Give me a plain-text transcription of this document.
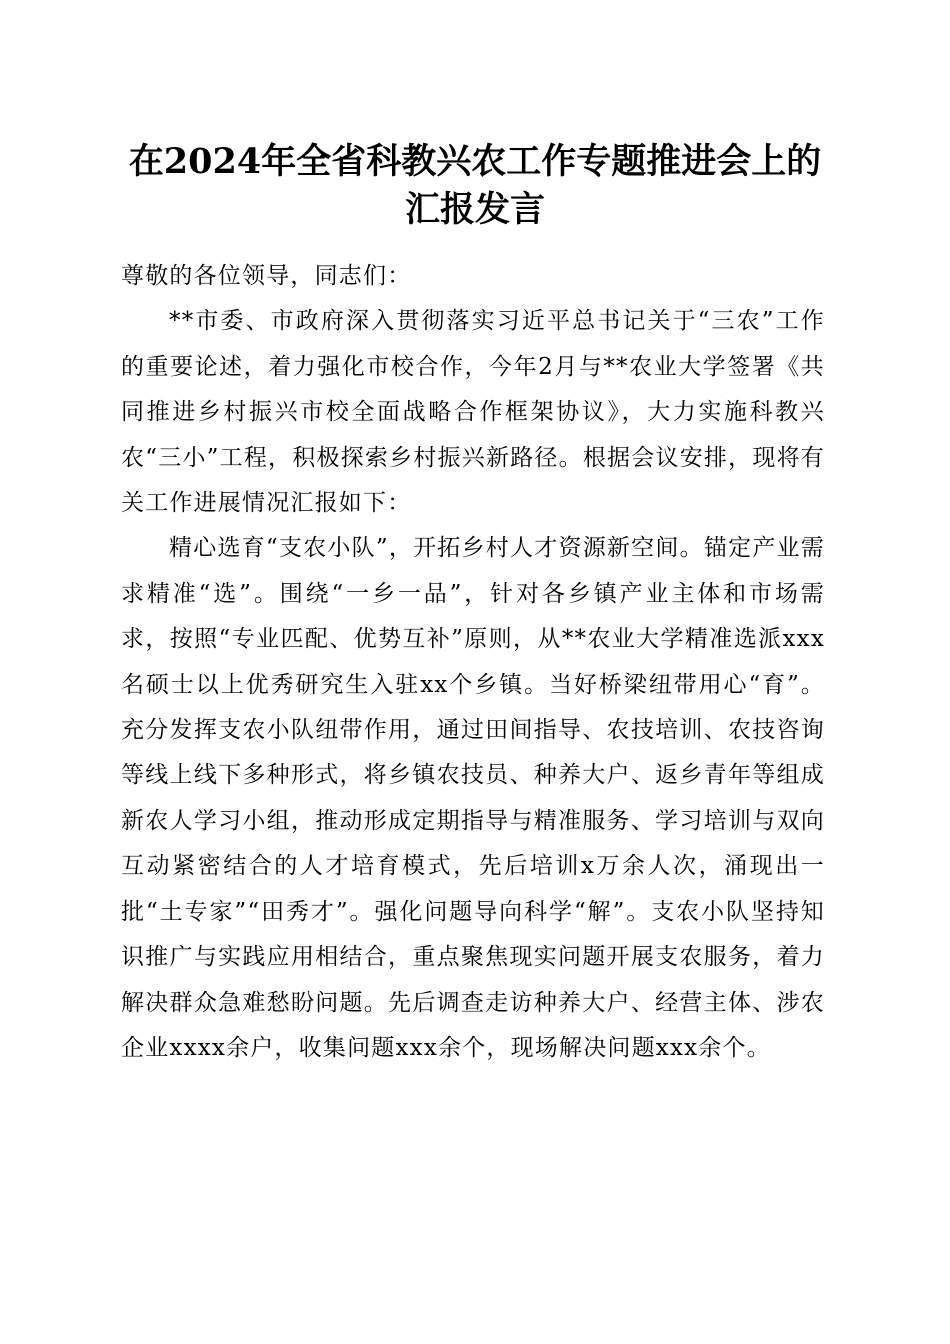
在2024年全省科教兴农工作专题推进会上的
汇报发言

尊敬的各位领导，同志们：

**市委、市政府深入贯彻落实习近平总书记关于“三农”工作的重要论述，着力强化市校合作，今年2月与**农业大学签署《共同推进乡村振兴市校全面战略合作框架协议》，大力实施科教兴农“三小”工程，积极探索乡村振兴新路径。根据会议安排，现将有关工作进展情况汇报如下：

精心选育“支农小队”，开拓乡村人才资源新空间。锚定产业需求精准“选”。围绕“一乡一品”，针对各乡镇产业主体和市场需求，按照“专业匹配、优势互补”原则，从**农业大学精准选派xxx名硕士以上优秀研究生入驻xx个乡镇。当好桥梁纽带用心“育”。充分发挥支农小队纽带作用，通过田间指导、农技培训、农技咨询等线上线下多种形式，将乡镇农技员、种养大户、返乡青年等组成新农人学习小组，推动形成定期指导与精准服务、学习培训与双向互动紧密结合的人才培育模式，先后培训x万余人次，涌现出一批“土专家”“田秀才”。强化问题导向科学“解”。支农小队坚持知识推广与实践应用相结合，重点聚焦现实问题开展支农服务，着力解决群众急难愁盼问题。先后调查走访种养大户、经营主体、涉农企业xxxx余户，收集问题xxx余个，现场解决问题xxx余个。
